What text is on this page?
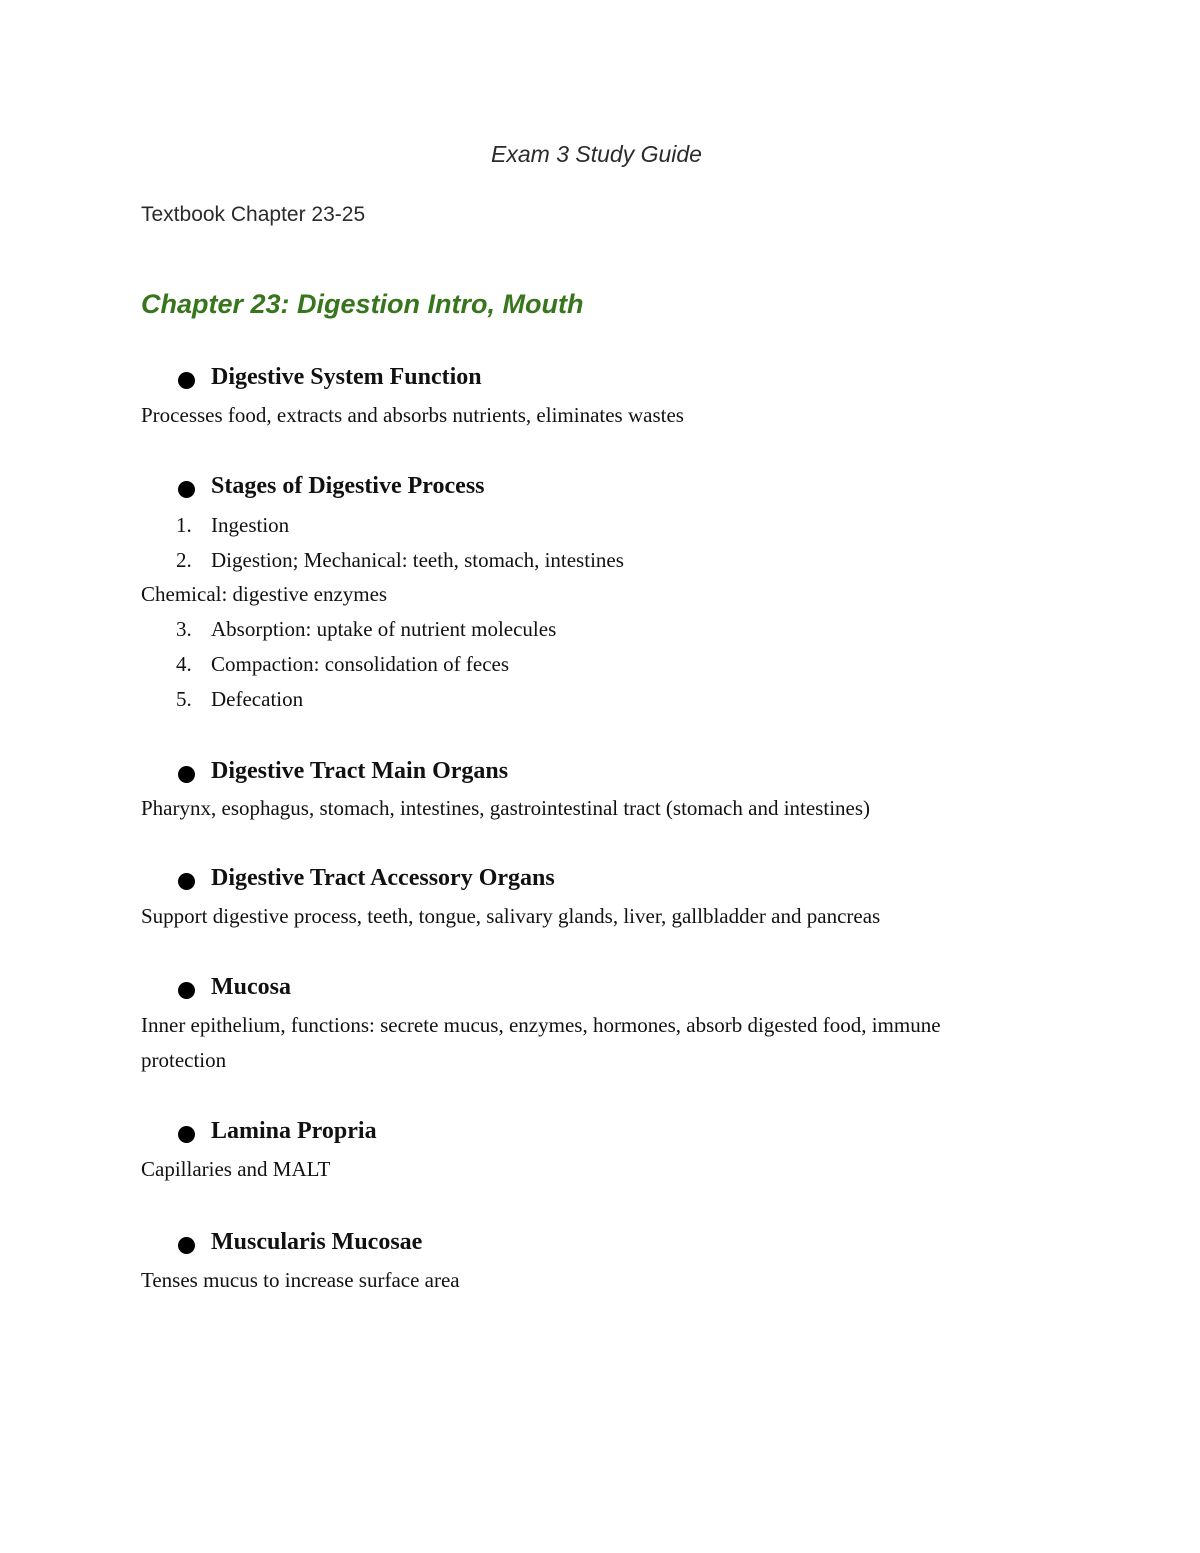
Exam 3 Study Guide
Textbook Chapter 23-25
Chapter 23: Digestion Intro, Mouth
Digestive System Function
Processes food, extracts and absorbs nutrients, eliminates wastes
Stages of Digestive Process
1. Ingestion
2. Digestion; Mechanical: teeth, stomach, intestines
Chemical: digestive enzymes
3. Absorption: uptake of nutrient molecules
4. Compaction: consolidation of feces
5. Defecation
Digestive Tract Main Organs
Pharynx, esophagus, stomach, intestines, gastrointestinal tract (stomach and intestines)
Digestive Tract Accessory Organs
Support digestive process, teeth, tongue, salivary glands, liver, gallbladder and pancreas
Mucosa
Inner epithelium, functions: secrete mucus, enzymes, hormones, absorb digested food, immune
protection
Lamina Propria
Capillaries and MALT
Muscularis Mucosae
Tenses mucus to increase surface area
